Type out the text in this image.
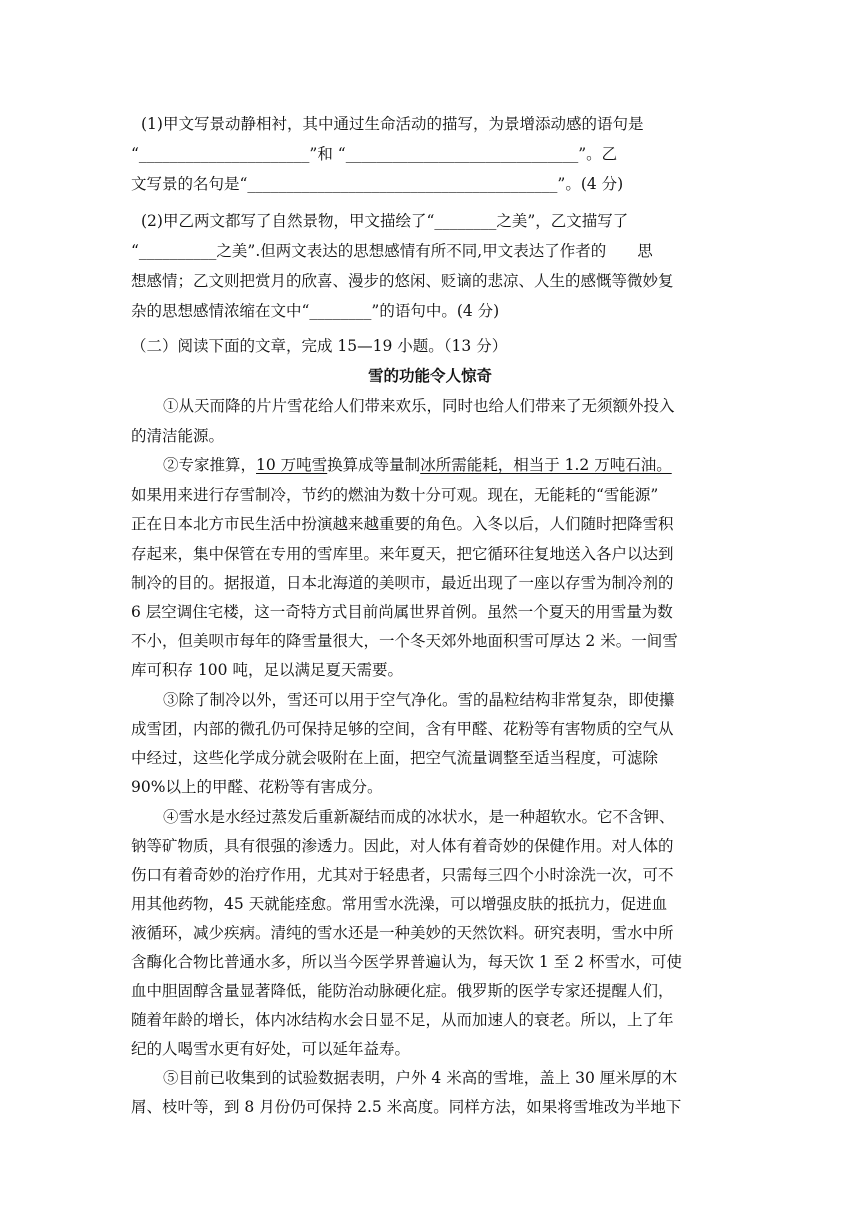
(1)甲文写景动静相衬，其中通过生命活动的描写，为景增添动感的语句是
“______________________”和 “______________________________”。乙
文写景的名句是“________________________________________”。(4 分)
(2)甲乙两文都写了自然景物，甲文描绘了“________之美”，乙文描写了
“__________之美”.但两文表达的思想感情有所不同,甲文表达了作者的　　思
想感情；乙文则把赏月的欣喜、漫步的悠闲、贬谪的悲凉、人生的感慨等微妙复
杂的思想感情浓缩在文中“________”的语句中。(4 分)
（二）阅读下面的文章，完成 15—19 小题。（13 分）
雪的功能令人惊奇
①从天而降的片片雪花给人们带来欢乐，同时也给人们带来了无须额外投入
的清洁能源。
②专家推算，10 万吨雪换算成等量制冰所需能耗，相当于 1.2 万吨石油。
如果用来进行存雪制冷，节约的燃油为数十分可观。现在，无能耗的“雪能源”
正在日本北方市民生活中扮演越来越重要的角色。入冬以后，人们随时把降雪积
存起来，集中保管在专用的雪库里。来年夏天，把它循环往复地送入各户以达到
制冷的目的。据报道，日本北海道的美呗市，最近出现了一座以存雪为制冷剂的
6 层空调住宅楼，这一奇特方式目前尚属世界首例。虽然一个夏天的用雪量为数
不小，但美呗市每年的降雪量很大，一个冬天郊外地面积雪可厚达 2 米。一间雪
库可积存 100 吨，足以满足夏天需要。
③除了制冷以外，雪还可以用于空气净化。雪的晶粒结构非常复杂，即使攥
成雪团，内部的微孔仍可保持足够的空间，含有甲醛、花粉等有害物质的空气从
中经过，这些化学成分就会吸附在上面，把空气流量调整至适当程度，可滤除
90%以上的甲醛、花粉等有害成分。
④雪水是水经过蒸发后重新凝结而成的冰状水，是一种超软水。它不含钾、
钠等矿物质，具有很强的渗透力。因此，对人体有着奇妙的保健作用。对人体的
伤口有着奇妙的治疗作用，尤其对于轻患者，只需每三四个小时涂洗一次，可不
用其他药物，45 天就能痊愈。常用雪水洗澡，可以增强皮肤的抵抗力，促进血
液循环，减少疾病。清纯的雪水还是一种美妙的天然饮料。研究表明，雪水中所
含酶化合物比普通水多，所以当今医学界普遍认为，每天饮 1 至 2 杯雪水，可使
血中胆固醇含量显著降低，能防治动脉硬化症。俄罗斯的医学专家还提醒人们，
随着年龄的增长，体内冰结构水会日显不足，从而加速人的衰老。所以，上了年
纪的人喝雪水更有好处，可以延年益寿。
⑤目前已收集到的试验数据表明，户外 4 米高的雪堆，盖上 30 厘米厚的木
屑、枝叶等，到 8 月份仍可保持 2.5 米高度。同样方法，如果将雪堆改为半地下
